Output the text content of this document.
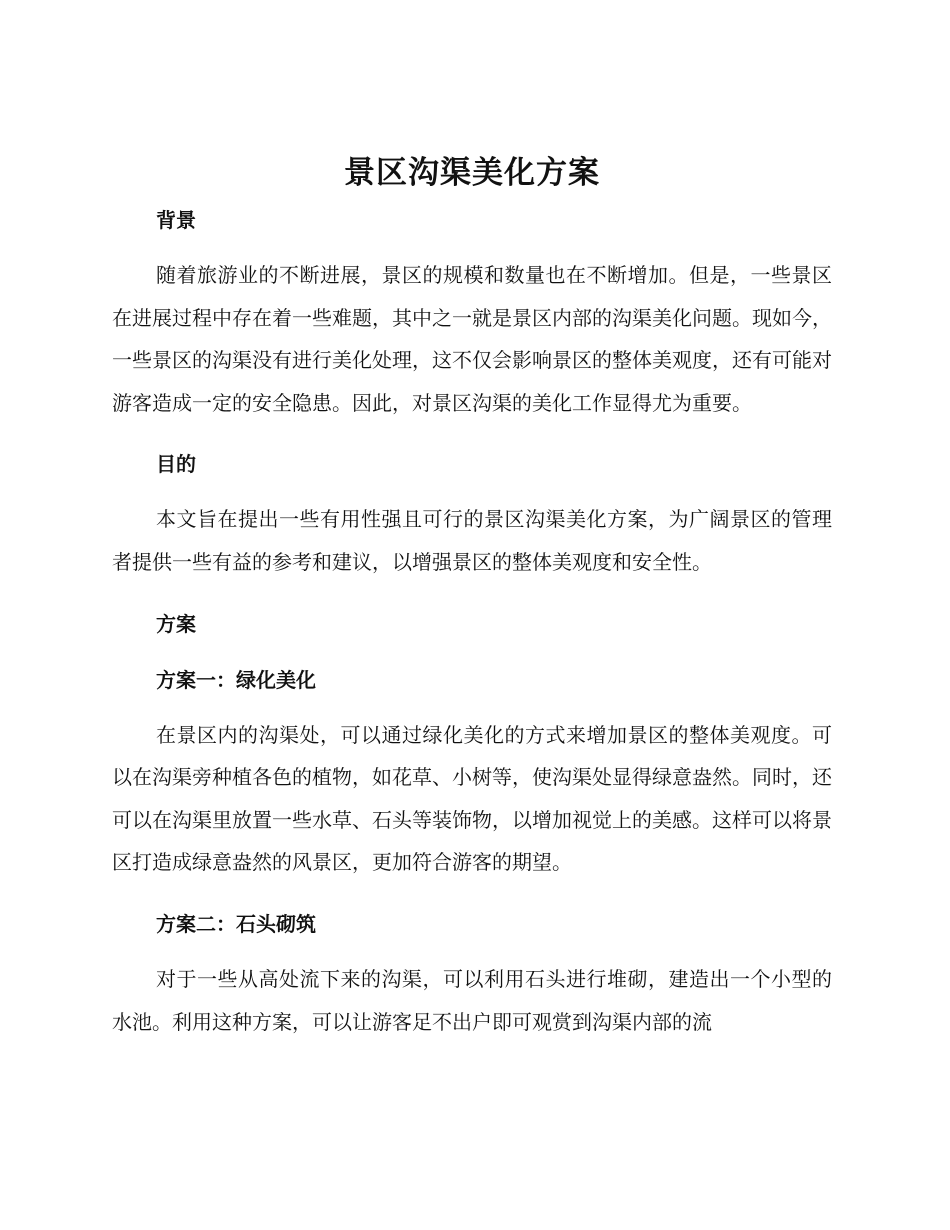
景区沟渠美化方案
背景

随着旅游业的不断进展，景区的规模和数量也在不断增加。但是，一些景区在进展过程中存在着一些难题，其中之一就是景区内部的沟渠美化问题。现如今，一些景区的沟渠没有进行美化处理，这不仅会影响景区的整体美观度，还有可能对游客造成一定的安全隐患。因此，对景区沟渠的美化工作显得尤为重要。

目的

本文旨在提出一些有用性强且可行的景区沟渠美化方案，为广阔景区的管理者提供一些有益的参考和建议，以增强景区的整体美观度和安全性。

方案
方案一：绿化美化

在景区内的沟渠处，可以通过绿化美化的方式来增加景区的整体美观度。可以在沟渠旁种植各色的植物，如花草、小树等，使沟渠处显得绿意盎然。同时，还可以在沟渠里放置一些水草、石头等装饰物，以增加视觉上的美感。这样可以将景区打造成绿意盎然的风景区，更加符合游客的期望。

方案二：石头砌筑

对于一些从高处流下来的沟渠，可以利用石头进行堆砌，建造出一个小型的水池。利用这种方案，可以让游客足不出户即可观赏到沟渠内部的流
